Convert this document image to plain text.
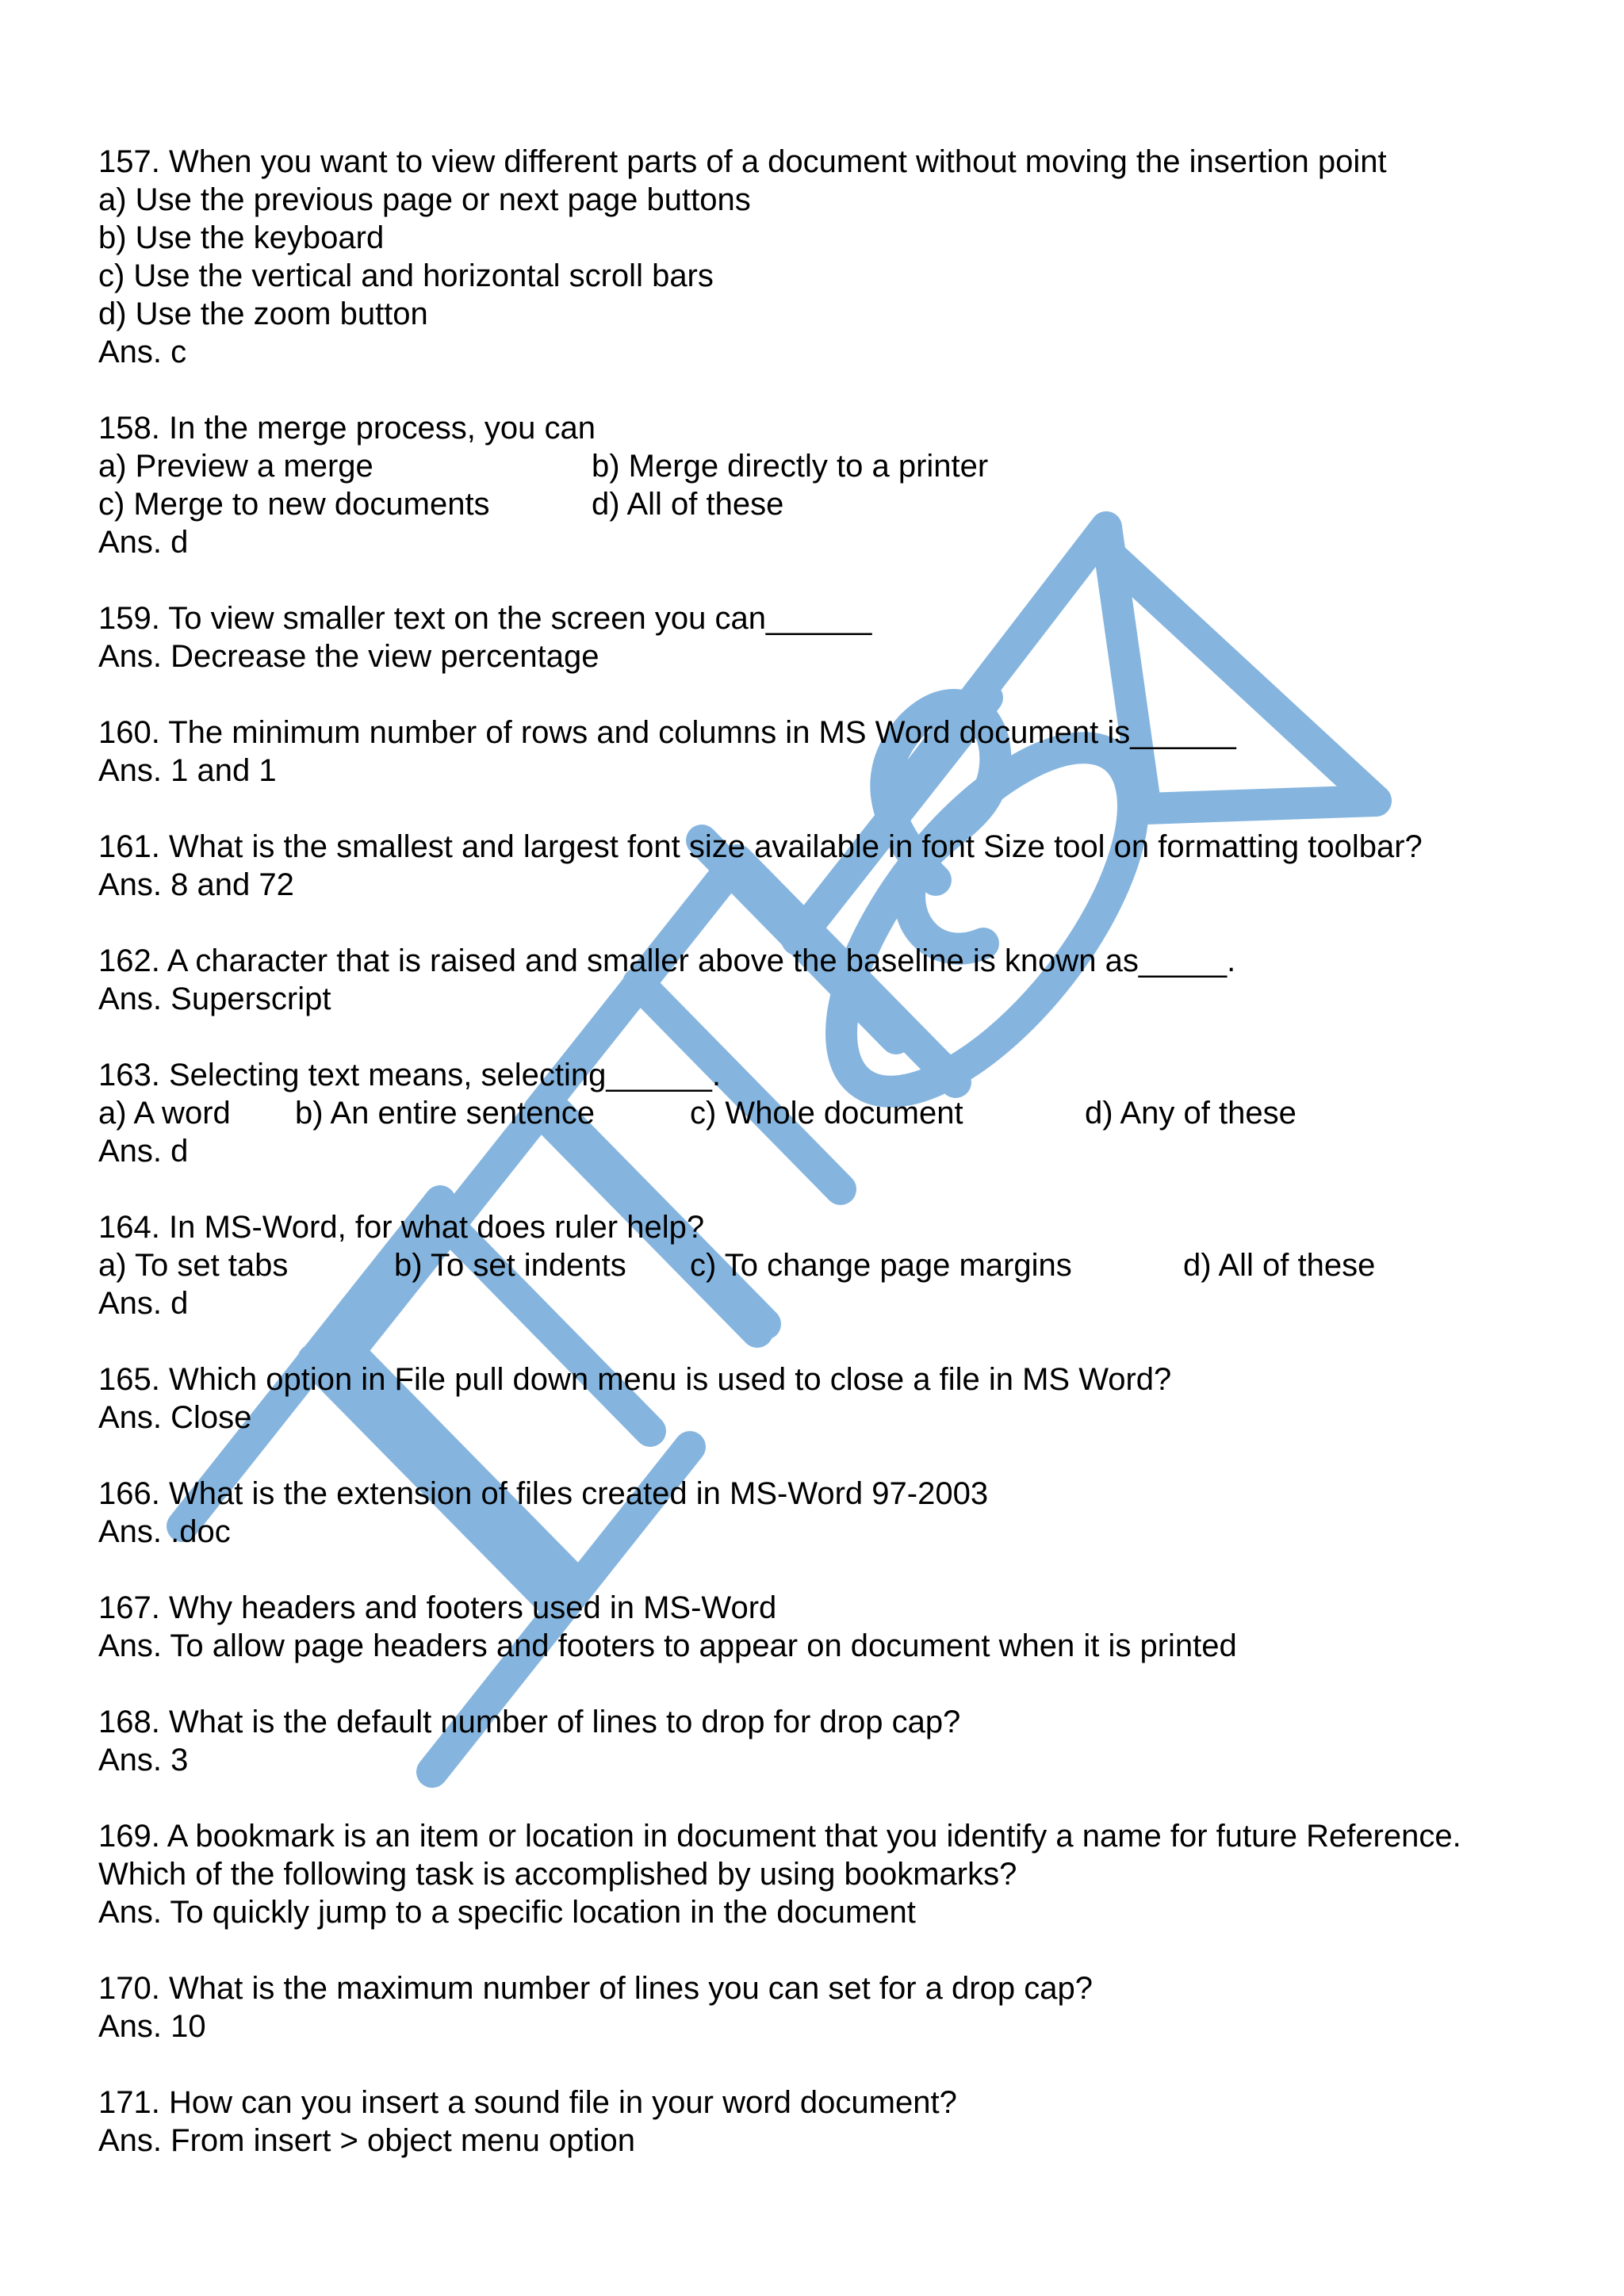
HEETSON
157. When you want to view different parts of a document without moving the insertion point
a) Use the previous page or next page buttons
b) Use the keyboard
c) Use the vertical and horizontal scroll bars
d) Use the zoom button
Ans. c
158. In the merge process, you can
a) Preview a merge	b) Merge directly to a printer
c) Merge to new documents	d) All of these
Ans. d
159. To view smaller text on the screen you can______
Ans. Decrease the view percentage
160. The minimum number of rows and columns in MS Word document is______
Ans. 1 and 1
161. What is the smallest and largest font size available in font Size tool on formatting toolbar?
Ans. 8 and 72
162. A character that is raised and smaller above the baseline is known as_____.
Ans. Superscript
163. Selecting text means, selecting______.
a) A word b) An entire sentence	c) Whole document	d) Any of these
Ans. d
164. In MS-Word, for what does ruler help?
a) To set tabs	b) To set indents c) To change page margins	d) All of these
Ans. d
165. Which option in File pull down menu is used to close a file in MS Word?
Ans. Close
166. What is the extension of files created in MS-Word 97-2003
Ans. .doc
167. Why headers and footers used in MS-Word
Ans. To allow page headers and footers to appear on document when it is printed
168. What is the default number of lines to drop for drop cap?
Ans. 3
169. A bookmark is an item or location in document that you identify a name for future Reference.
Which of the following task is accomplished by using bookmarks?
Ans. To quickly jump to a specific location in the document
170. What is the maximum number of lines you can set for a drop cap?
Ans. 10
171. How can you insert a sound file in your word document?
Ans. From insert > object menu option
